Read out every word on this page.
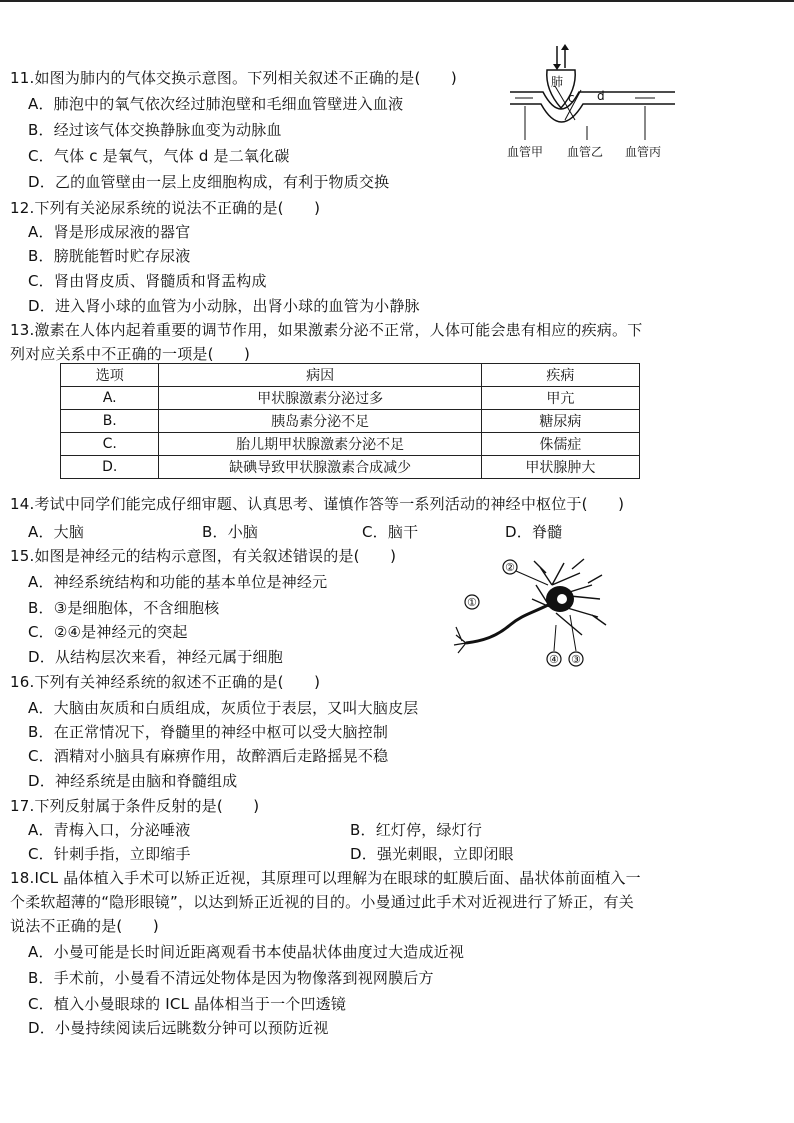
11.如图为肺内的气体交换示意图。下列相关叙述不正确的是(　　)
A．肺泡中的氧气依次经过肺泡壁和毛细血管壁进入血液
B．经过该气体交换静脉血变为动脉血
C．气体 c 是氧气，气体 d 是二氧化碳
D．乙的血管壁由一层上皮细胞构成，有利于物质交换
肺
c d
血管甲 血管乙 血管丙
12.下列有关泌尿系统的说法不正确的是(　　)
A．肾是形成尿液的器官
B．膀胱能暂时贮存尿液
C．肾由肾皮质、肾髓质和肾盂构成
D．进入肾小球的血管为小动脉，出肾小球的血管为小静脉
13.激素在人体内起着重要的调节作用，如果激素分泌不正常，人体可能会患有相应的疾病。下
列对应关系中不正确的一项是(　　)
选项	病因	疾病
A.	甲状腺激素分泌过多	甲亢
B.	胰岛素分泌不足	糖尿病
C.	胎儿期甲状腺激素分泌不足	侏儒症
D.	缺碘导致甲状腺激素合成减少	甲状腺肿大
14.考试中同学们能完成仔细审题、认真思考、谨慎作答等一系列活动的神经中枢位于(　　)
A．大脑	B．小脑	C．脑干	D．脊髓
15.如图是神经元的结构示意图，有关叙述错误的是(　　)
A．神经系统结构和功能的基本单位是神经元
B．③是细胞体，不含细胞核
C．②④是神经元的突起
D．从结构层次来看，神经元属于细胞
②
①
④ ③
16.下列有关神经系统的叙述不正确的是(　　)
A．大脑由灰质和白质组成，灰质位于表层，又叫大脑皮层
B．在正常情况下，脊髓里的神经中枢可以受大脑控制
C．酒精对小脑具有麻痹作用，故醉酒后走路摇晃不稳
D．神经系统是由脑和脊髓组成
17.下列反射属于条件反射的是(　　)
A．青梅入口，分泌唾液	B．红灯停，绿灯行
C．针刺手指，立即缩手	D．强光刺眼，立即闭眼
18.ICL 晶体植入手术可以矫正近视，其原理可以理解为在眼球的虹膜后面、晶状体前面植入一
个柔软超薄的“隐形眼镜”，以达到矫正近视的目的。小曼通过此手术对近视进行了矫正，有关
说法不正确的是(　　)
A．小曼可能是长时间近距离观看书本使晶状体曲度过大造成近视
B．手术前，小曼看不清远处物体是因为物像落到视网膜后方
C．植入小曼眼球的 ICL 晶体相当于一个凹透镜
D．小曼持续阅读后远眺数分钟可以预防近视
